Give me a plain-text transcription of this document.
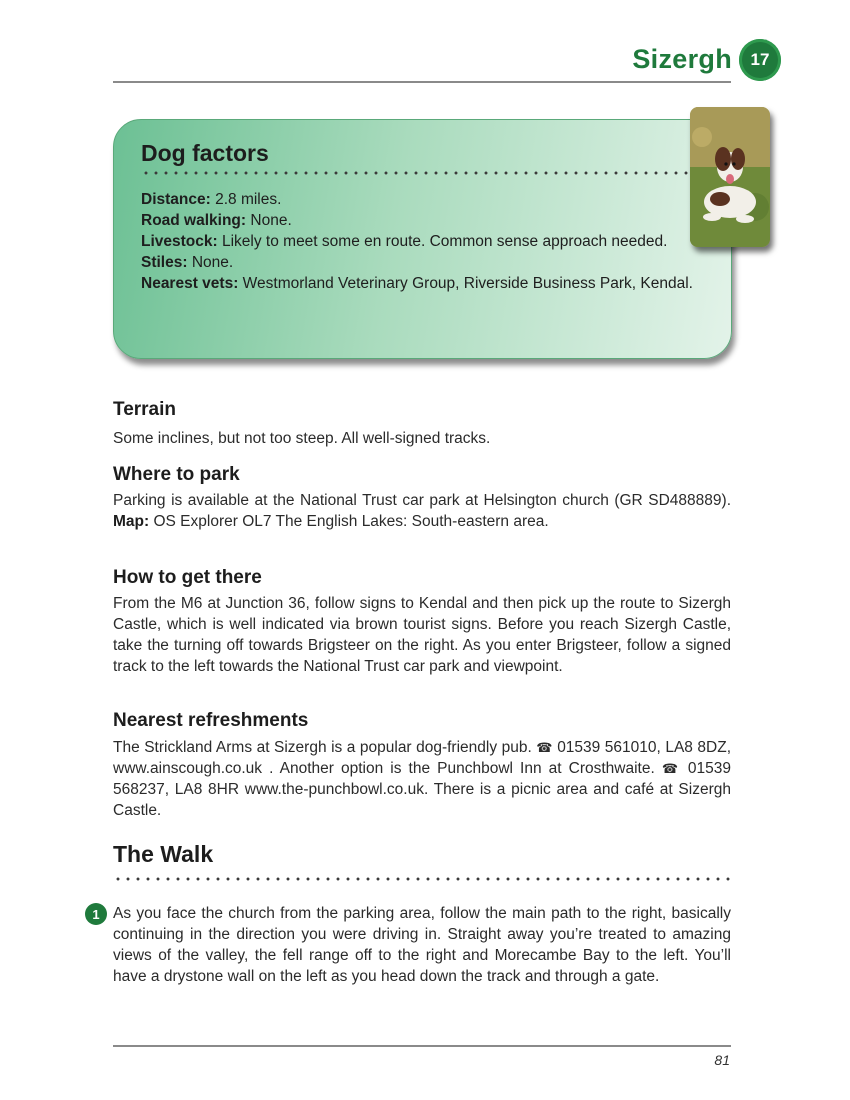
Sizergh	17
Dog factors
Distance: 2.8 miles.
Road walking: None.
Livestock: Likely to meet some en route. Common sense approach needed.
Stiles: None.
Nearest vets: Westmorland Veterinary Group, Riverside Business Park, Kendal.
Terrain
Some inclines, but not too steep. All well-signed tracks.
Where to park
Parking is available at the National Trust car park at Helsington church (GR SD488889). Map: OS Explorer OL7 The English Lakes: South-eastern area.
How to get there
From the M6 at Junction 36, follow signs to Kendal and then pick up the route to Sizergh Castle, which is well indicated via brown tourist signs. Before you reach Sizergh Castle, take the turning off towards Brigsteer on the right. As you enter Brigsteer, follow a signed track to the left towards the National Trust car park and viewpoint.
Nearest refreshments
The Strickland Arms at Sizergh is a popular dog-friendly pub. ☎ 01539 561010, LA8 8DZ, www.ainscough.co.uk . Another option is the Punchbowl Inn at Crosthwaite. ☎ 01539 568237, LA8 8HR www.the-punchbowl.co.uk. There is a picnic area and café at Sizergh Castle.
The Walk
1 As you face the church from the parking area, follow the main path to the right, basically continuing in the direction you were driving in. Straight away you’re treated to amazing views of the valley, the fell range off to the right and Morecambe Bay to the left. You’ll have a drystone wall on the left as you head down the track and through a gate.
81
